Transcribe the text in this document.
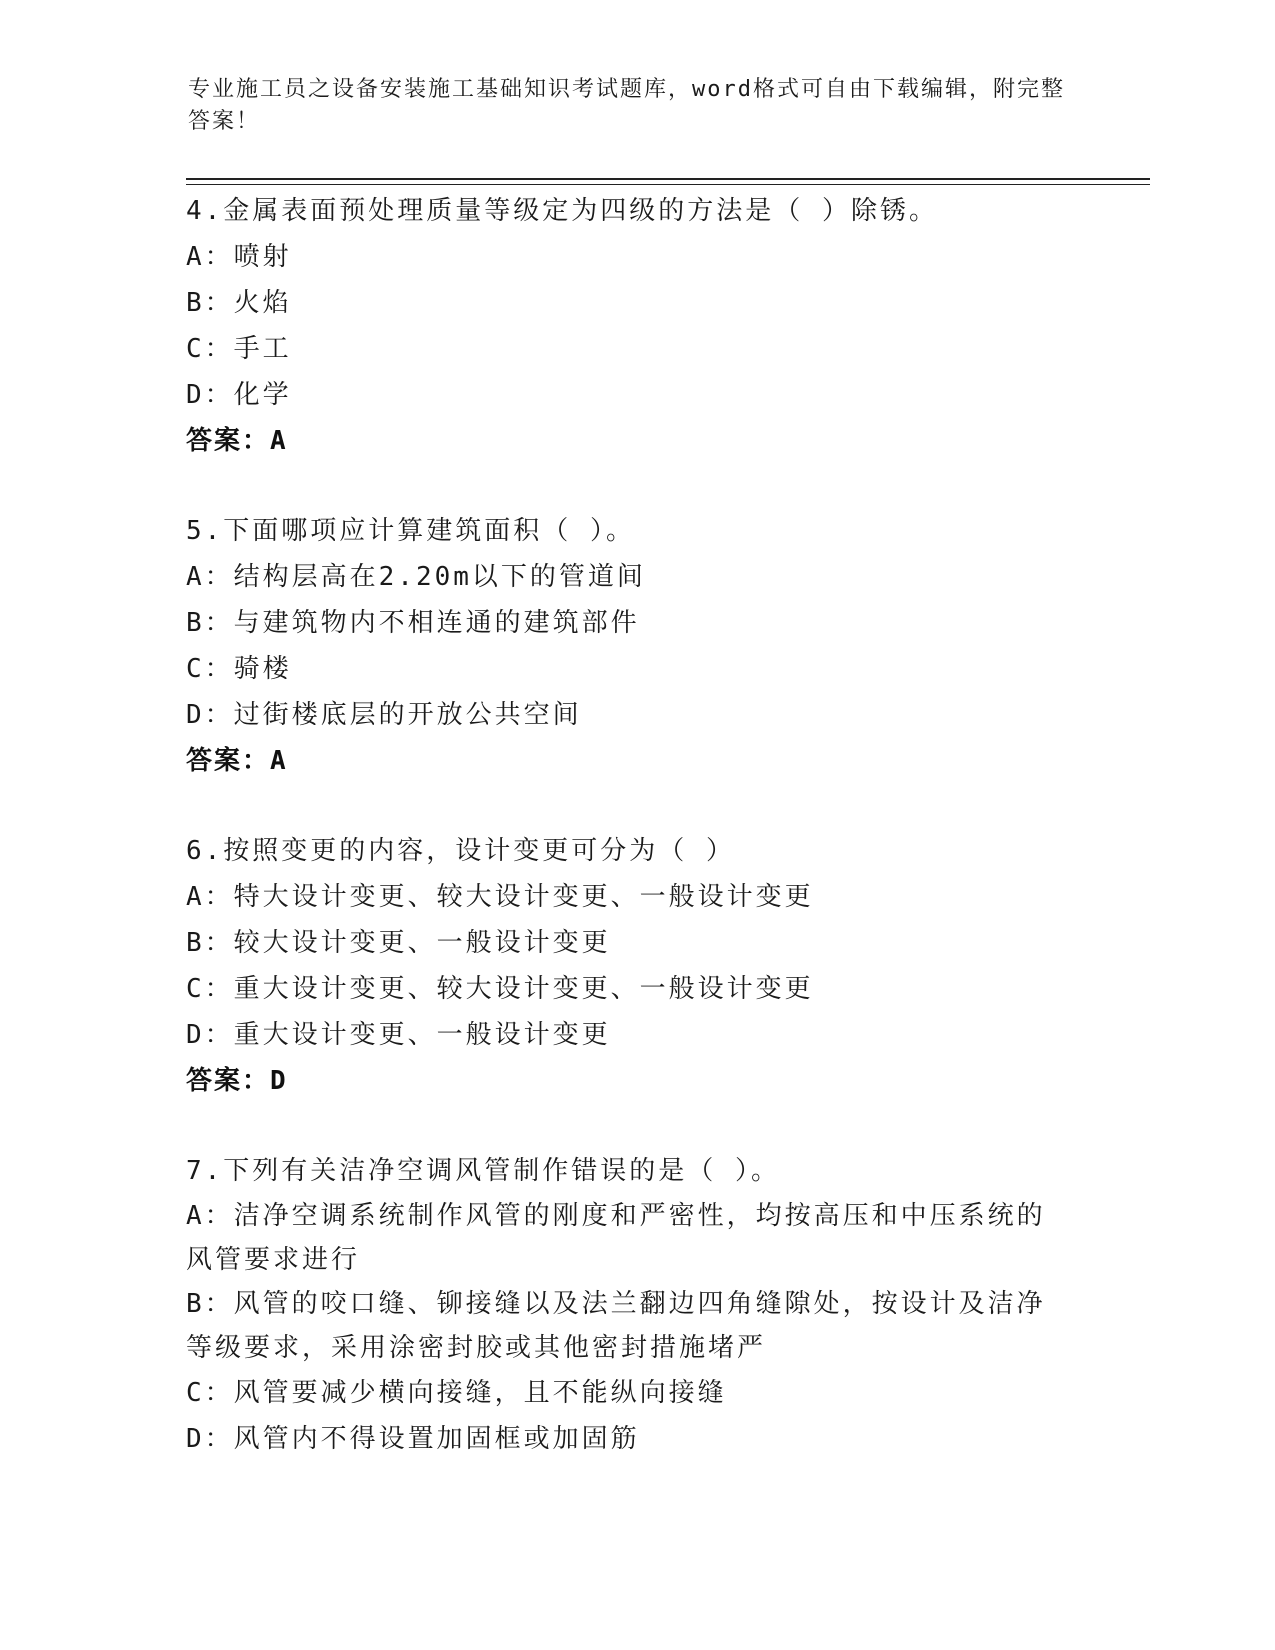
专业施工员之设备安装施工基础知识考试题库，word格式可自由下载编辑，附完整答案！
4.金属表面预处理质量等级定为四级的方法是（ ）除锈。
A：喷射
B：火焰
C：手工
D：化学
答案：A
5.下面哪项应计算建筑面积（ ）。
A：结构层高在2.20m以下的管道间
B：与建筑物内不相连通的建筑部件
C：骑楼
D：过街楼底层的开放公共空间
答案：A
6.按照变更的内容，设计变更可分为（ ）
A：特大设计变更、较大设计变更、一般设计变更
B：较大设计变更、一般设计变更
C：重大设计变更、较大设计变更、一般设计变更
D：重大设计变更、一般设计变更
答案：D
7.下列有关洁净空调风管制作错误的是（ ）。
A：洁净空调系统制作风管的刚度和严密性，均按高压和中压系统的风管要求进行
B：风管的咬口缝、铆接缝以及法兰翻边四角缝隙处，按设计及洁净等级要求，采用涂密封胶或其他密封措施堵严
C：风管要减少横向接缝，且不能纵向接缝
D：风管内不得设置加固框或加固筋
